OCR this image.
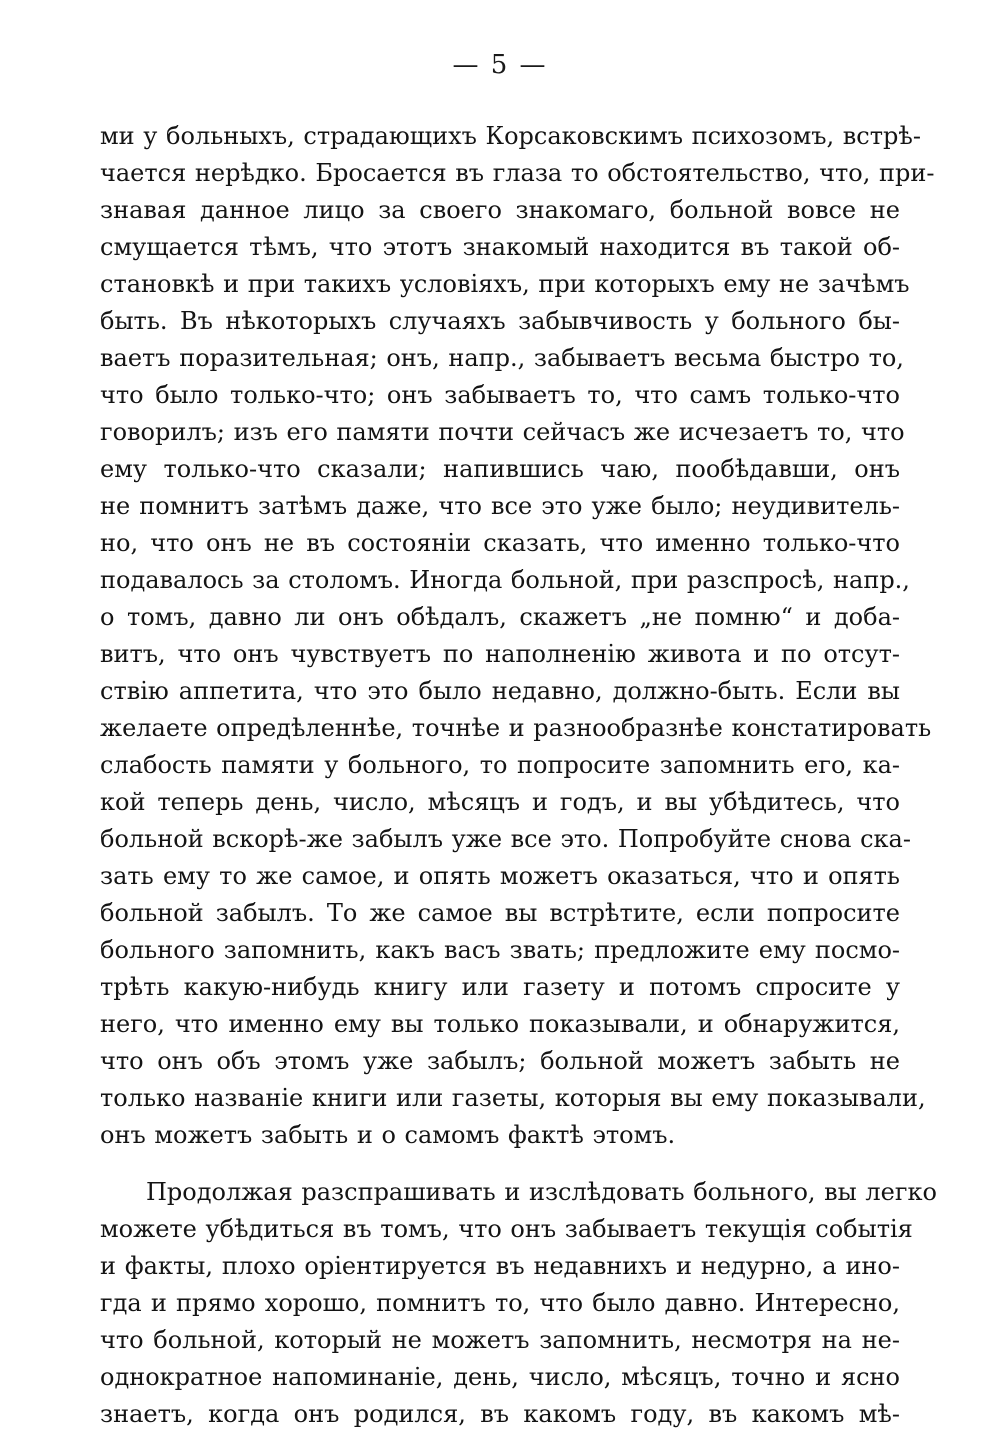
— 5 —
ми у больныхъ, страдающихъ Корсаковскимъ психозомъ, встрѣ-
чается нерѣдко. Бросается въ глаза то обстоятельство, что, при-
знавая данное лицо за своего знакомаго, больной вовсе не
смущается тѣмъ, что этотъ знакомый находится въ такой об-
становкѣ и при такихъ условіяхъ, при которыхъ ему не зачѣмъ
быть. Въ нѣкоторыхъ случаяхъ забывчивость у больного бы-
ваетъ поразительная; онъ, напр., забываетъ весьма быстро то,
что было только-что; онъ забываетъ то, что самъ только-что
говорилъ; изъ его памяти почти сейчасъ же исчезаетъ то, что
ему только-что сказали; напившись чаю, пообѣдавши, онъ
не помнитъ затѣмъ даже, что все это уже было; неудивитель-
но, что онъ не въ состояніи сказать, что именно только-что
подавалось за столомъ. Иногда больной, при разспросѣ, напр.,
о томъ, давно ли онъ обѣдалъ, скажетъ „не помню“ и доба-
витъ, что онъ чувствуетъ по наполненію живота и по отсут-
ствію аппетита, что это было недавно, должно-быть. Если вы
желаете опредѣленнѣе, точнѣе и разнообразнѣе констатировать
слабость памяти у больного, то попросите запомнить его, ка-
кой теперь день, число, мѣсяцъ и годъ, и вы убѣдитесь, что
больной вскорѣ-же забылъ уже все это. Попробуйте снова ска-
зать ему то же самое, и опять можетъ оказаться, что и опять
больной забылъ. То же самое вы встрѣтите, если попросите
больного запомнить, какъ васъ звать; предложите ему посмо-
трѣть какую-нибудь книгу или газету и потомъ спросите у
него, что именно ему вы только показывали, и обнаружится,
что онъ объ этомъ уже забылъ; больной можетъ забыть не
только названіе книги или газеты, которыя вы ему показывали,
онъ можетъ забыть и о самомъ фактѣ этомъ.
Продолжая разспрашивать и изслѣдовать больного, вы легко
можете убѣдиться въ томъ, что онъ забываетъ текущія событія
и факты, плохо оріентируется въ недавнихъ и недурно, а ино-
гда и прямо хорошо, помнитъ то, что было давно. Интересно,
что больной, который не можетъ запомнить, несмотря на не-
однократное напоминаніе, день, число, мѣсяцъ, точно и ясно
знаетъ, когда онъ родился, въ какомъ году, въ какомъ мѣ-
